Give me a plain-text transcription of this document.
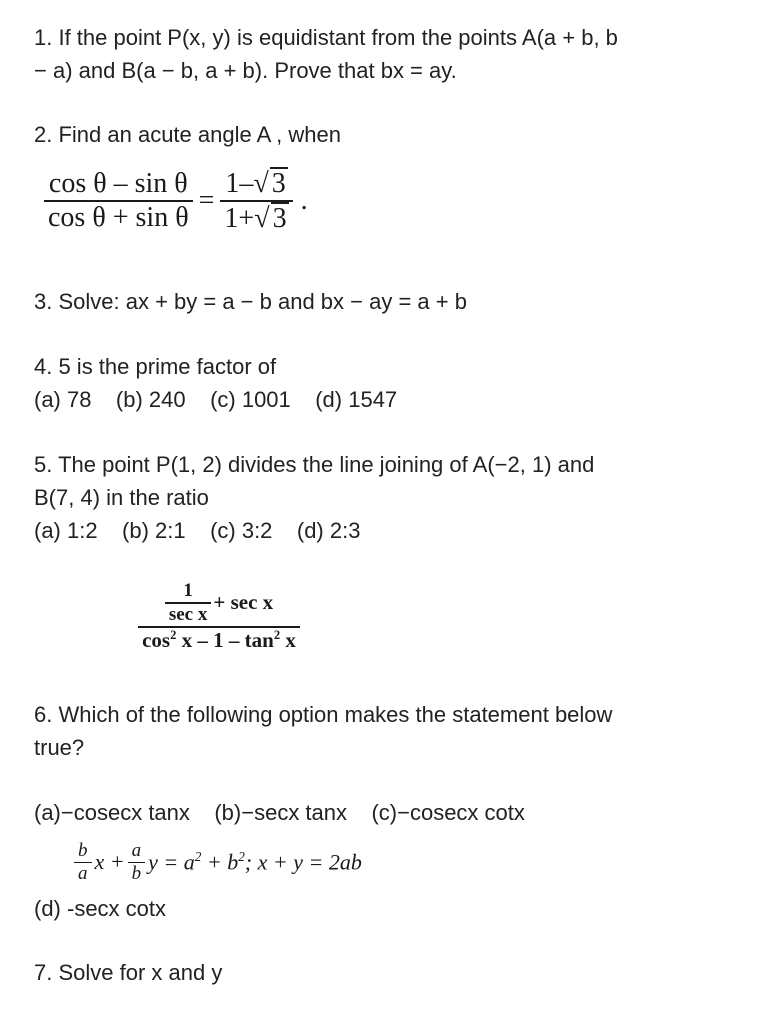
1. If the point P(x, y) is equidistant from the points A(a + b, b
− a) and B(a − b, a + b). Prove that bx = ay.
2. Find an acute angle A , when
$\frac{\text{cos θ – sin θ}}{\text{cos θ + sin θ}} = \frac{1-√ 3}{1+√ 3}$ .
3. Solve: ax + by = a − b and bx − ay = a + b
4. 5 is the prime factor of
(a) 78    (b) 240    (c) 1001    (d) 1547
5. The point P(1, 2) divides the line joining of A(−2, 1) and
B(7, 4) in the ratio
(a) 1:2    (b) 2:1    (c) 3:2    (d) 2:3
$\frac{\frac{1}{\text{sec x}} + \sec x}{\cos^2 x - 1 - \tan^2 x}$
6. Which of the following option makes the statement below
true?
(a)−cosecx tanx    (b)−secx tanx    (c)−cosecx cotx
$\frac{b}{a}$ $x + \frac{a}{b}$ $y = a^2 + b^2$; x + y = 2ab
(d) -secx cotx
7. Solve for x and y
